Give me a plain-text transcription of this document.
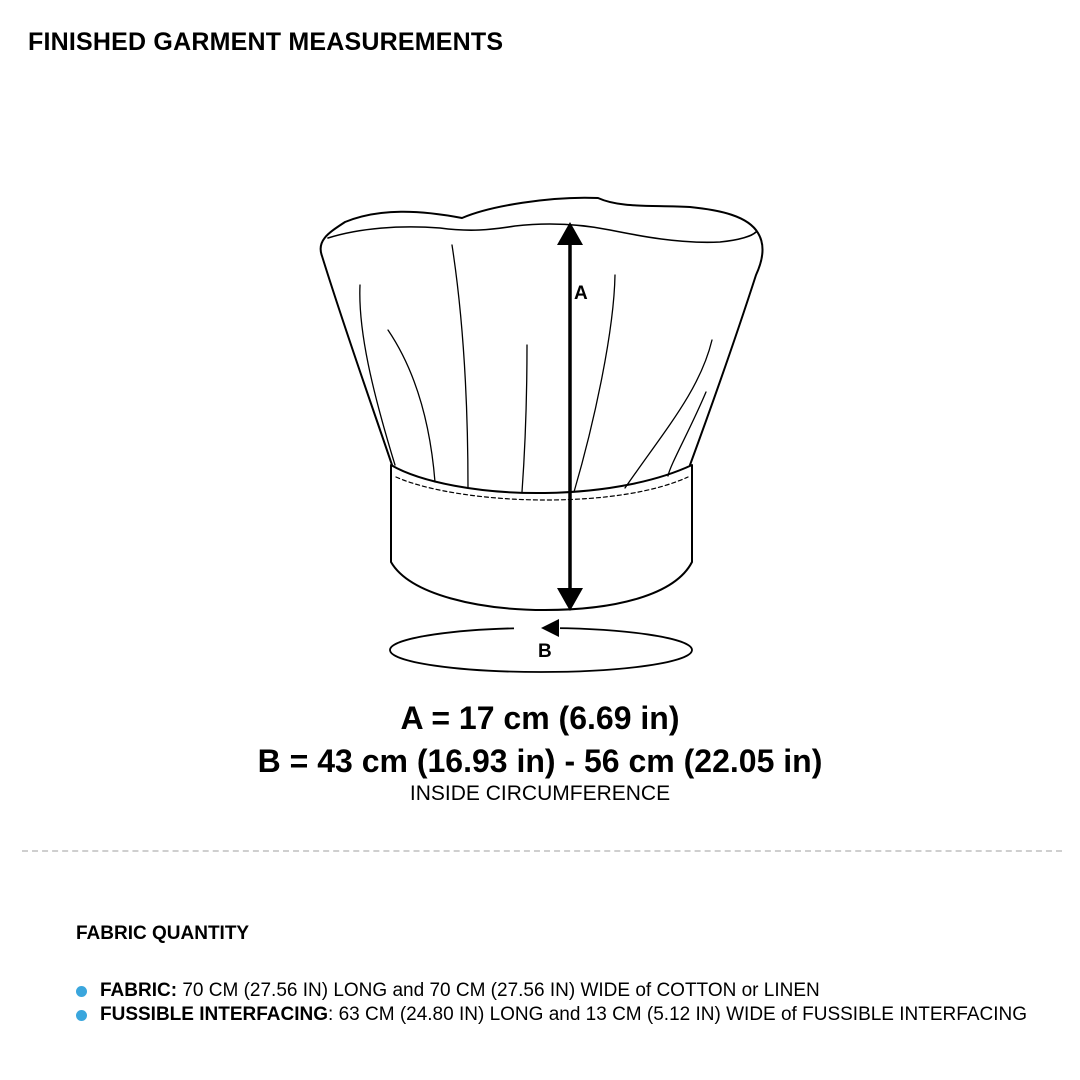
FINISHED GARMENT MEASUREMENTS
A
B
A = 17 cm (6.69 in)
B = 43 cm (16.93 in) - 56 cm (22.05 in)
INSIDE CIRCUMFERENCE
FABRIC QUANTITY
FABRIC: 70 CM (27.56 IN) LONG and 70 CM (27.56 IN) WIDE of COTTON or LINEN
FUSSIBLE INTERFACING: 63 CM (24.80 IN) LONG and 13 CM (5.12 IN) WIDE of FUSSIBLE INTERFACING
